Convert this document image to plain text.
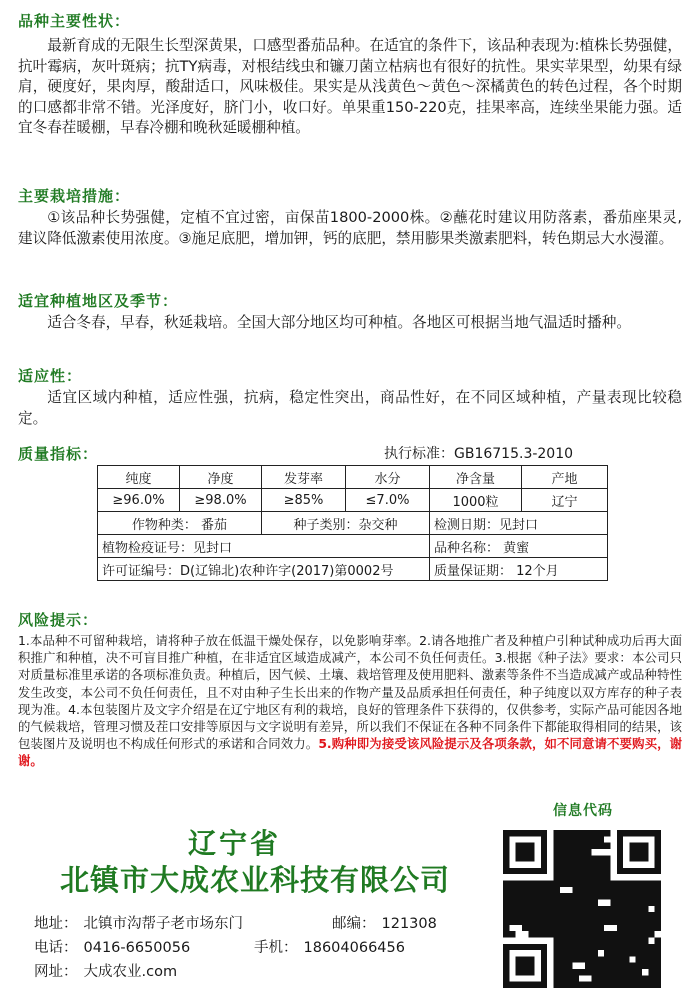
品种主要性状：

最新育成的无限生长型深黄果，口感型番茄品种。在适宜的条件下，该品种表现为:植株长势强健，抗叶霉病，灰叶斑病；抗TY病毒，对根结线虫和镰刀菌立枯病也有很好的抗性。果实苹果型，幼果有绿肩，硬度好，果肉厚，酸甜适口，风味极佳。果实是从浅黄色～黄色～深橘黄色的转色过程，各个时期的口感都非常不错。光泽度好，脐门小，收口好。单果重150-220克，挂果率高，连续坐果能力强。适宜冬春茬暖棚，早春冷棚和晚秋延暖棚种植。

主要栽培措施：

①该品种长势强健，定植不宜过密，亩保苗1800-2000株。②蘸花时建议用防落素，番茄座果灵,建议降低激素使用浓度。③施足底肥，增加钾，钙的底肥，禁用膨果类激素肥料，转色期忌大水漫灌。

适宜种植地区及季节：

适合冬春，早春，秋延栽培。全国大部分地区均可种植。各地区可根据当地气温适时播种。

适应性：

适宜区域内种植，适应性强，抗病，稳定性突出，商品性好，在不同区域种植，产量表现比较稳定。

质量指标：	执行标准：GB16715.3-2010
纯度	净度	发芽率	水分	净含量	产地
≥96.0%	≥98.0%	≥85%	≤7.0%	1000粒	辽宁
作物种类： 番茄		种子类别：杂交种		检测日期：见封口	
植物检疫证号：见封口				品种名称： 黄蜜	
许可证编号：D(辽锦北)农种许字(2017)第0002号				质量保证期： 12个月	
风险提示：

1.本品种不可留种栽培，请将种子放在低温干燥处保存，以免影响芽率。2.请各地推广者及种植户引种试种成功后再大面积推广和种植，决不可盲目推广种植，在非适宜区域造成减产，本公司不负任何责任。3.根据《种子法》要求：本公司只对质量标准里承诺的各项标准负责。种植后，因气候、土壤、栽培管理及使用肥料、激素等条件不当造成减产或品种特性发生改变，本公司不负任何责任，且不对由种子生长出来的作物产量及品质承担任何责任，种子纯度以双方库存的种子表现为准。4.本包装图片及文字介绍是在辽宁地区有利的栽培，良好的管理条件下获得的，仅供参考，实际产品可能因各地的气候栽培，管理习惯及茬口安排等原因与文字说明有差异，所以我们不保证在各种不同条件下都能取得相同的结果，该包装图片及说明也不构成任何形式的承诺和合同效力。5.购种即为接受该风险提示及各项条款，如不同意请不要购买，谢谢。

辽宁省
北镇市大成农业科技有限公司
地址： 北镇市沟帮子老市场东门	邮编： 121308
电话： 0416-6650056	手机： 18604066456
网址： 大成农业.com
信息代码
